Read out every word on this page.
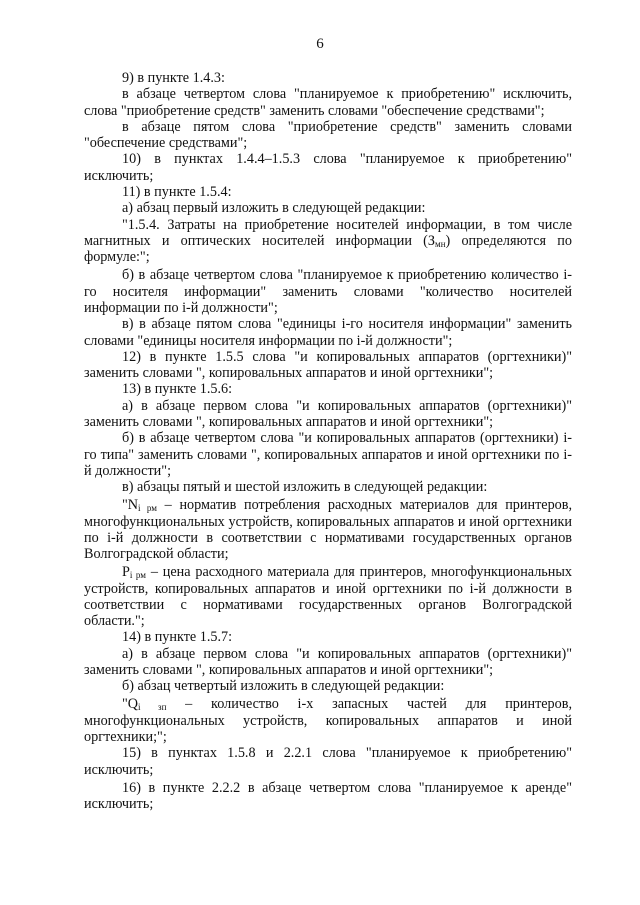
6

9) в пункте 1.4.3:

в абзаце четвертом слова "планируемое к приобретению" исключить, слова "приобретение средств" заменить словами "обеспечение средствами";

в абзаце пятом слова "приобретение средств" заменить словами "обеспечение средствами";

10) в пунктах 1.4.4–1.5.3 слова "планируемое к приобретению" исключить;

11) в пункте 1.5.4:

а) абзац первый изложить в следующей редакции:

"1.5.4. Затраты на приобретение носителей информации, в том числе магнитных и оптических носителей информации $(З_{мн})$ определяются по формуле:";

б) в абзаце четвертом слова "планируемое к приобретению количество i-го носителя информации" заменить словами "количество носителей информации по i-й должности";

в) в абзаце пятом слова "единицы i-го носителя информации" заменить словами "единицы носителя информации по i-й должности";

12) в пункте 1.5.5 слова "и копировальных аппаратов (оргтехники)" заменить словами ", копировальных аппаратов и иной оргтехники";

13) в пункте 1.5.6:

а) в абзаце первом слова "и копировальных аппаратов (оргтехники)" заменить словами ", копировальных аппаратов и иной оргтехники";

б) в абзаце четвертом слова "и копировальных аппаратов (оргтехники) i-го типа" заменить словами ", копировальных аппаратов и иной оргтехники по i-й должности";

в) абзацы пятый и шестой изложить в следующей редакции:

"$N_{i рм}$ – норматив потребления расходных материалов для принтеров, многофункциональных устройств, копировальных аппаратов и иной оргтехники по i-й должности в соответствии с нормативами государственных органов Волгоградской области;

$P_{i рм}$ – цена расходного материала для принтеров, многофункциональных устройств, копировальных аппаратов и иной оргтехники по i-й должности в соответствии с нормативами государственных органов Волгоградской области.";

14) в пункте 1.5.7:

а) в абзаце первом слова "и копировальных аппаратов (оргтехники)" заменить словами ", копировальных аппаратов и иной оргтехники";

б) абзац четвертый изложить в следующей редакции:

"$Q_{i зп}$ – количество i-х запасных частей для принтеров, многофункциональных устройств, копировальных аппаратов и иной оргтехники;";

15) в пунктах 1.5.8 и 2.2.1 слова "планируемое к приобретению" исключить;

16) в пункте 2.2.2 в абзаце четвертом слова "планируемое к аренде" исключить;
